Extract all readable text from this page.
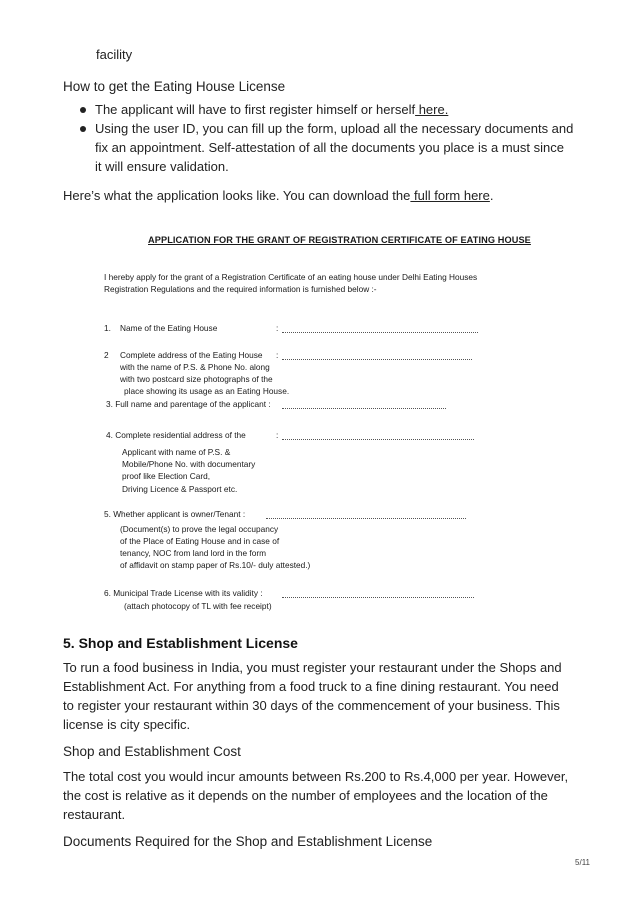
facility
How to get the Eating House License
The applicant will have to first register himself or herself here.
Using the user ID, you can fill up the form, upload all the necessary documents and
fix an appointment. Self-attestation of all the documents you place is a must since
it will ensure validation.
Here’s what the application looks like. You can download the full form here.
APPLICATION FOR THE GRANT OF REGISTRATION CERTIFICATE OF EATING HOUSE
I hereby apply for the grant of a Registration Certificate of an eating house under Delhi Eating Houses
Registration Regulations and the required information is furnished below :-
1. Name of the Eating House	:
2 Complete address of the Eating House :
with the name of P.S. & Phone No. along
with two postcard size photographs of the
place showing its usage as an Eating House.
3. Full name and parentage of the applicant :
4. Complete residential address of the	:
Applicant with name of P.S. &
Mobile/Phone No. with documentary
proof like Election Card,
Driving Licence & Passport etc.
5. Whether applicant is owner/Tenant :
(Document(s) to prove the legal occupancy
of the Place of Eating House and in case of
tenancy, NOC from land lord in the form
of affidavit on stamp paper of Rs.10/- duly attested.)
6. Municipal Trade License with its validity :
(attach photocopy of TL with fee receipt)
5. Shop and Establishment License
To run a food business in India, you must register your restaurant under the Shops and
Establishment Act. For anything from a food truck to a fine dining restaurant. You need
to register your restaurant within 30 days of the commencement of your business. This
license is city specific.
Shop and Establishment Cost
The total cost you would incur amounts between Rs.200 to Rs.4,000 per year. However,
the cost is relative as it depends on the number of employees and the location of the
restaurant.
Documents Required for the Shop and Establishment License
5/11
